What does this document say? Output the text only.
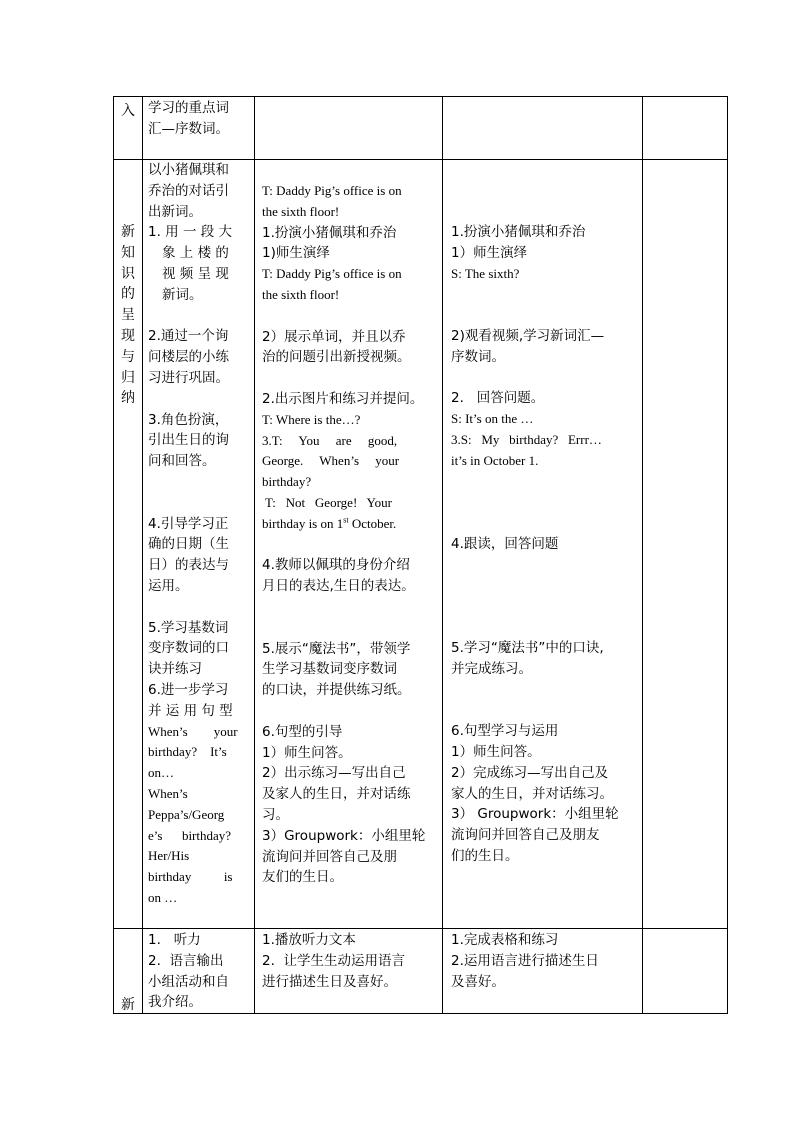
入 学习的重点词

汇—序数词。

新

知

识

的

呈

现

与

归

纳

以小猪佩琪和

乔治的对话引

出新词。

1. 用 一 段 大

象 上 楼 的

视 频 呈 现

新词。

2.通过一个询

问楼层的小练

习进行巩固。

3.角色扮演，

引出生日的询

问和回答。

4.引导学习正

确的日期（生

日）的表达与

运用。

5.学习基数词

变序数词的口

诀并练习

6.进一步学习

并 运 用 句 型

When’s        your

birthday?    It’s

on…

When’s

Peppa’s/Georg

e’s      birthday?

Her/His

birthday          is

on …

T: Daddy Pig’s office is on

the sixth floor!

1.扮演小猪佩琪和乔治

1)师生演绎

T: Daddy Pig’s office is on

the sixth floor!

2）展示单词，并且以乔

治的问题引出新授视频。

2.出示图片和练习并提问。

T: Where is the…?

3.T:     You     are     good,

George.     When’s     your

birthday?

T:   Not   George!   Your

birthday is on 1st October.

4.教师以佩琪的身份介绍

月日的表达,生日的表达。

5.展示“魔法书”，带领学

生学习基数词变序数词

的口诀，并提供练习纸。

6.句型的引导

1）师生问答。

2）出示练习—写出自己

及家人的生日，并对话练

习。

3）Groupwork：小组里轮

流询问并回答自己及朋

友们的生日。

1.扮演小猪佩琪和乔治

1）师生演绎

S: The sixth?

2)观看视频,学习新词汇—

序数词。

2.   回答问题。

S: It’s on the …

3.S:   My   birthday?   Errr…

it’s in October 1.

4.跟读，回答问题

5.学习“魔法书”中的口诀,

并完成练习。

6.句型学习与运用

1）师生问答。

2）完成练习—写出自己及

家人的生日，并对话练习。

3） Groupwork：小组里轮

流询问并回答自己及朋友

们的生日。

新

1.   听力

2.  语言输出

小组活动和自

我介绍。

1.播放听力文本

2.  让学生生动运用语言

进行描述生日及喜好。

1.完成表格和练习

2.运用语言进行描述生日

及喜好。
